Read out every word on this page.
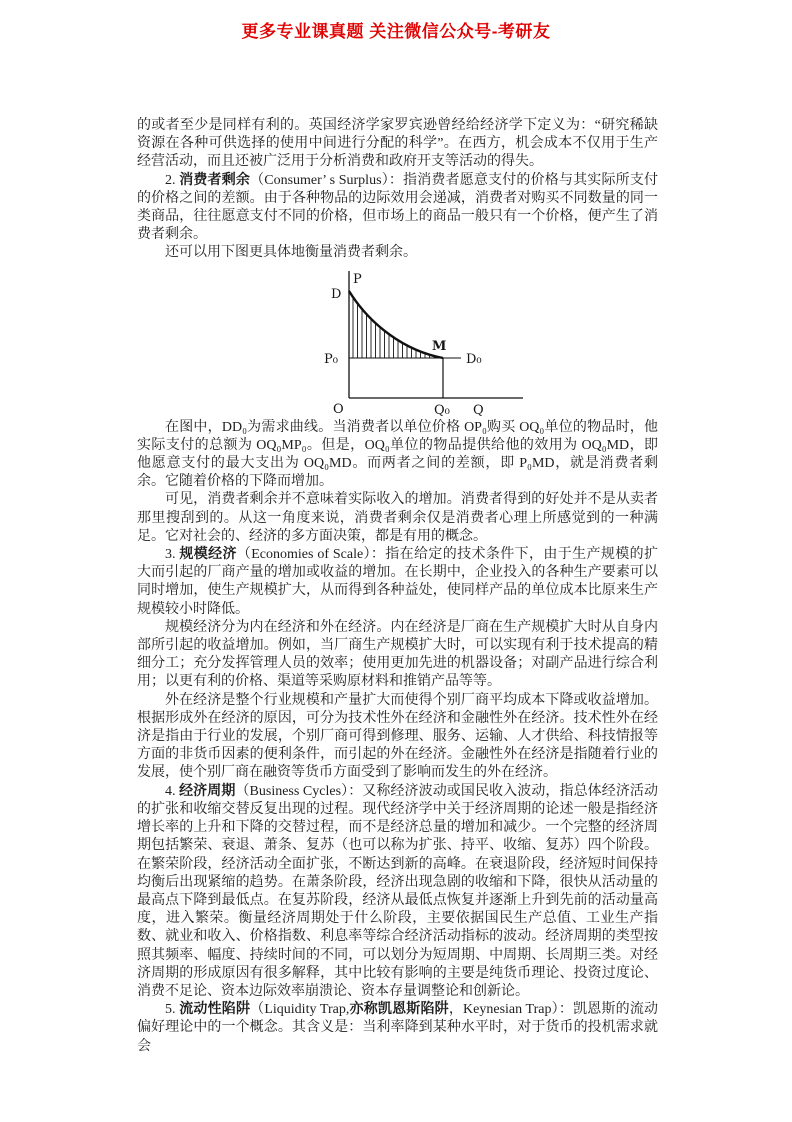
更多专业课真题 关注微信公众号-考研友
的或者至少是同样有利的。英国经济学家罗宾逊曾经给经济学下定义为：“研究稀缺资源在各种可供选择的使用中间进行分配的科学”。在西方，机会成本不仅用于生产经营活动，而且还被广泛用于分析消费和政府开支等活动的得失。
2. 消费者剩余（Consumer’ s Surplus）：指消费者愿意支付的价格与其实际所支付的价格之间的差额。由于各种物品的边际效用会递减，消费者对购买不同数量的同一类商品，往往愿意支付不同的价格，但市场上的商品一般只有一个价格，便产生了消费者剩余。
还可以用下图更具体地衡量消费者剩余。
P
D
P₀
M
D₀
O	Q₀ Q
在图中，DD₀为需求曲线。当消费者以单位价格 OP₀购买 OQ₀单位的物品时，他实际支付的总额为 OQ₀MP₀。但是，OQ₀单位的物品提供给他的效用为 OQ₀MD，即他愿意支付的最大支出为 OQ₀MD。而两者之间的差额，即 P₀MD，就是消费者剩余。它随着价格的下降而增加。
可见，消费者剩余并不意味着实际收入的增加。消费者得到的好处并不是从卖者那里搜刮到的。从这一角度来说，消费者剩余仅是消费者心理上所感觉到的一种满足。它对社会的、经济的多方面决策，都是有用的概念。
3. 规模经济（Economies of Scale）：指在给定的技术条件下，由于生产规模的扩大而引起的厂商产量的增加或收益的增加。在长期中，企业投入的各种生产要素可以同时增加，使生产规模扩大，从而得到各种益处，使同样产品的单位成本比原来生产规模较小时降低。
规模经济分为内在经济和外在经济。内在经济是厂商在生产规模扩大时从自身内部所引起的收益增加。例如，当厂商生产规模扩大时，可以实现有利于技术提高的精细分工；充分发挥管理人员的效率；使用更加先进的机器设备；对副产品进行综合利用；以更有利的价格、渠道等采购原材料和推销产品等等。
外在经济是整个行业规模和产量扩大而使得个别厂商平均成本下降或收益增加。根据形成外在经济的原因，可分为技术性外在经济和金融性外在经济。技术性外在经济是指由于行业的发展，个别厂商可得到修理、服务、运输、人才供给、科技情报等方面的非货币因素的便利条件，而引起的外在经济。金融性外在经济是指随着行业的发展，使个别厂商在融资等货币方面受到了影响而发生的外在经济。
4. 经济周期（Business Cycles）：又称经济波动或国民收入波动，指总体经济活动的扩张和收缩交替反复出现的过程。现代经济学中关于经济周期的论述一般是指经济增长率的上升和下降的交替过程，而不是经济总量的增加和减少。一个完整的经济周期包括繁荣、衰退、萧条、复苏（也可以称为扩张、持平、收缩、复苏）四个阶段。在繁荣阶段，经济活动全面扩张，不断达到新的高峰。在衰退阶段，经济短时间保持均衡后出现紧缩的趋势。在萧条阶段，经济出现急剧的收缩和下降，很快从活动量的最高点下降到最低点。在复苏阶段，经济从最低点恢复并逐渐上升到先前的活动量高度，进入繁荣。衡量经济周期处于什么阶段，主要依据国民生产总值、工业生产指数、就业和收入、价格指数、利息率等综合经济活动指标的波动。经济周期的类型按照其频率、幅度、持续时间的不同，可以划分为短周期、中周期、长周期三类。对经济周期的形成原因有很多解释，其中比较有影响的主要是纯货币理论、投资过度论、消费不足论、资本边际效率崩溃论、资本存量调整论和创新论。
5. 流动性陷阱（Liquidity Trap,亦称凯恩斯陷阱，Keynesian Trap）：凯恩斯的流动偏好理论中的一个概念。其含义是：当利率降到某种水平时，对于货币的投机需求就会
